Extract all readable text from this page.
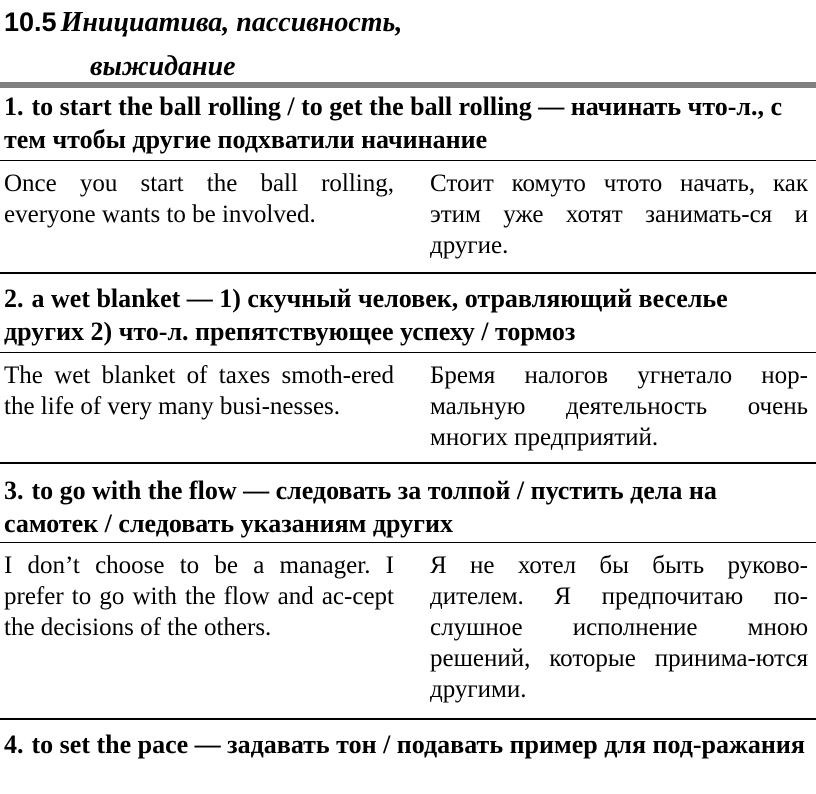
10.5 Инициатива, пассивность,
выжидание
1. to start the ball rolling / to get the ball rolling — начинать что-л., с тем чтобы другие подхватили начинание
Once you start the ball rolling, everyone wants to be involved.
Стоит комуто чтото начать, как этим уже хотят занимать-ся и другие.
2. a wet blanket — 1) скучный человек, отравляющий веселье других 2) что-л. препятствующее успеху / тормоз
The wet blanket of taxes smoth-ered the life of very many busi-nesses.
Бремя налогов угнетало нор-мальную деятельность очень многих предприятий.
3. to go with the flow — следовать за толпой / пустить дела на самотек / следовать указаниям других
I don’t choose to be a manager. I prefer to go with the flow and ac-cept the decisions of the others.
Я не хотел бы быть руково-дителем. Я предпочитаю по-слушное исполнение мною решений, которые принима-ются другими.
4. to set the pace — задавать тон / подавать пример для под-ражания
